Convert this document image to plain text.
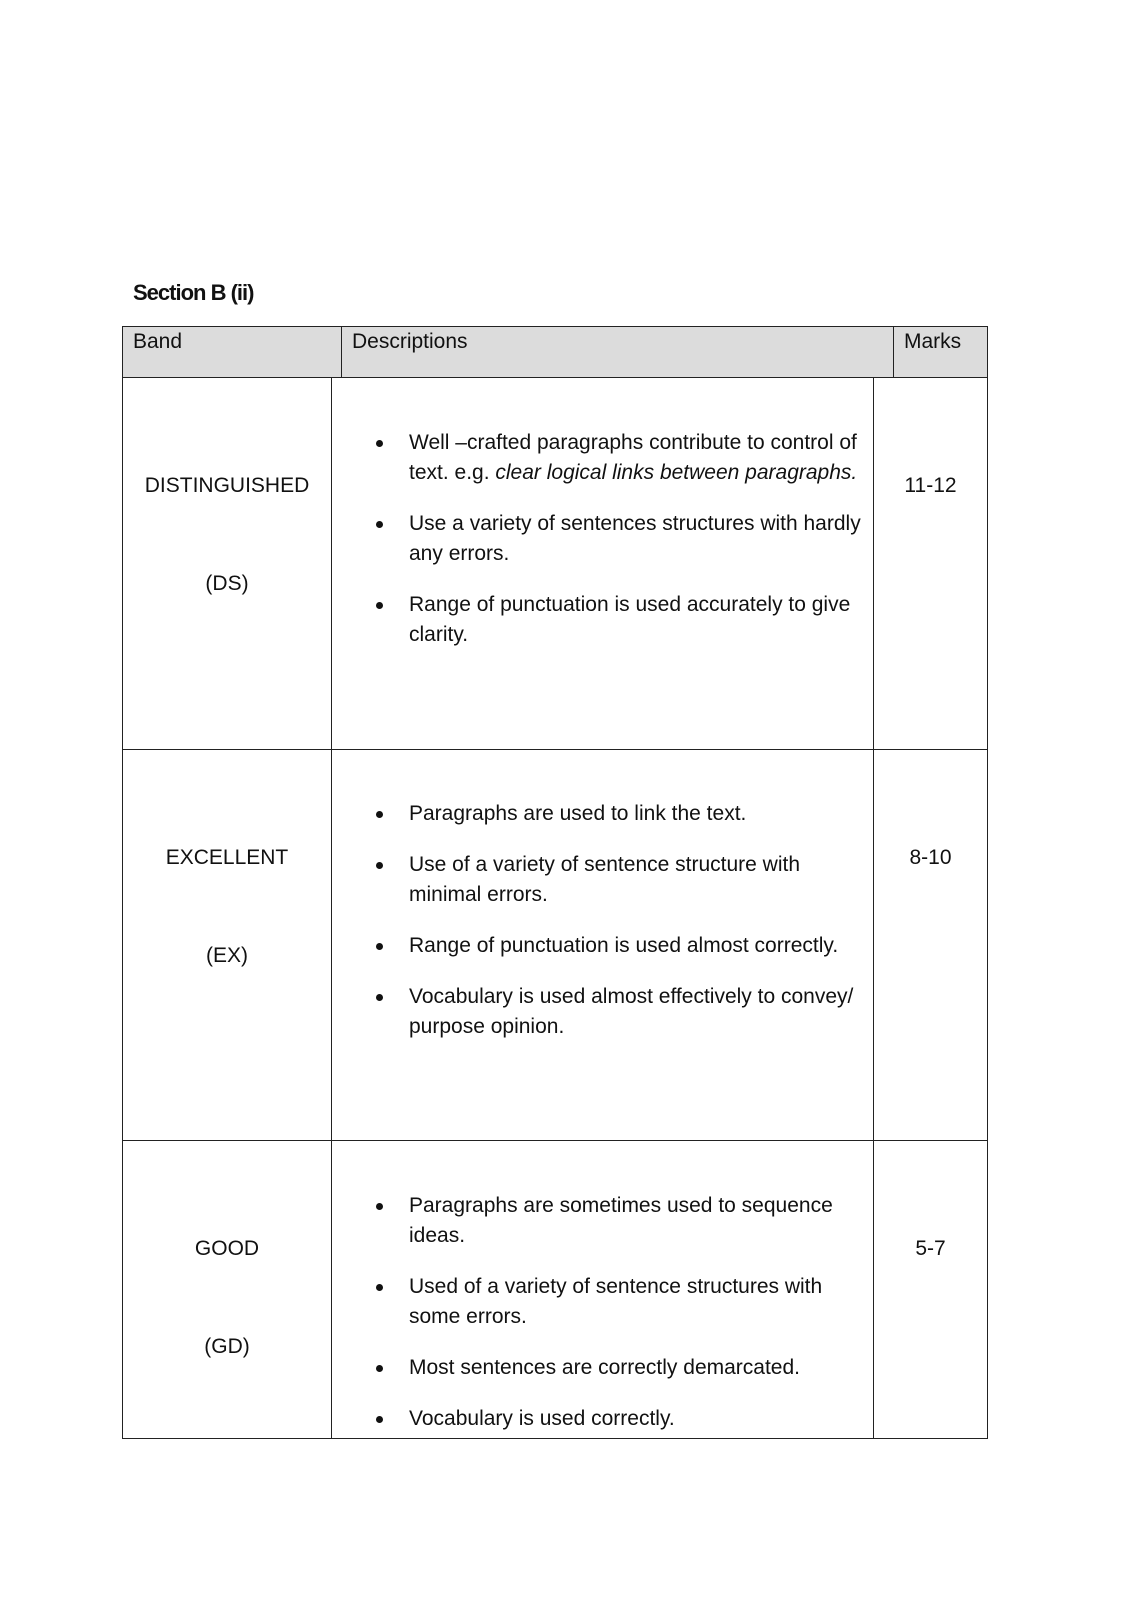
Section B (ii)
Band	Descriptions	Marks
DISTINGUISHED
(DS)
Well –crafted paragraphs contribute to control of text. e.g. clear logical links between paragraphs.
Use a variety of sentences structures with hardly any errors.
Range of punctuation is used accurately to give clarity.
11-12
EXCELLENT
(EX)
Paragraphs are used to link the text.
Use of a variety of sentence structure with minimal errors.
Range of punctuation is used almost correctly.
Vocabulary is used almost effectively to convey/ purpose opinion.
8-10
GOOD
(GD)
Paragraphs are sometimes used to sequence ideas.
Used of a variety of sentence structures with some errors.
Most sentences are correctly demarcated.
Vocabulary is used correctly.
5-7
